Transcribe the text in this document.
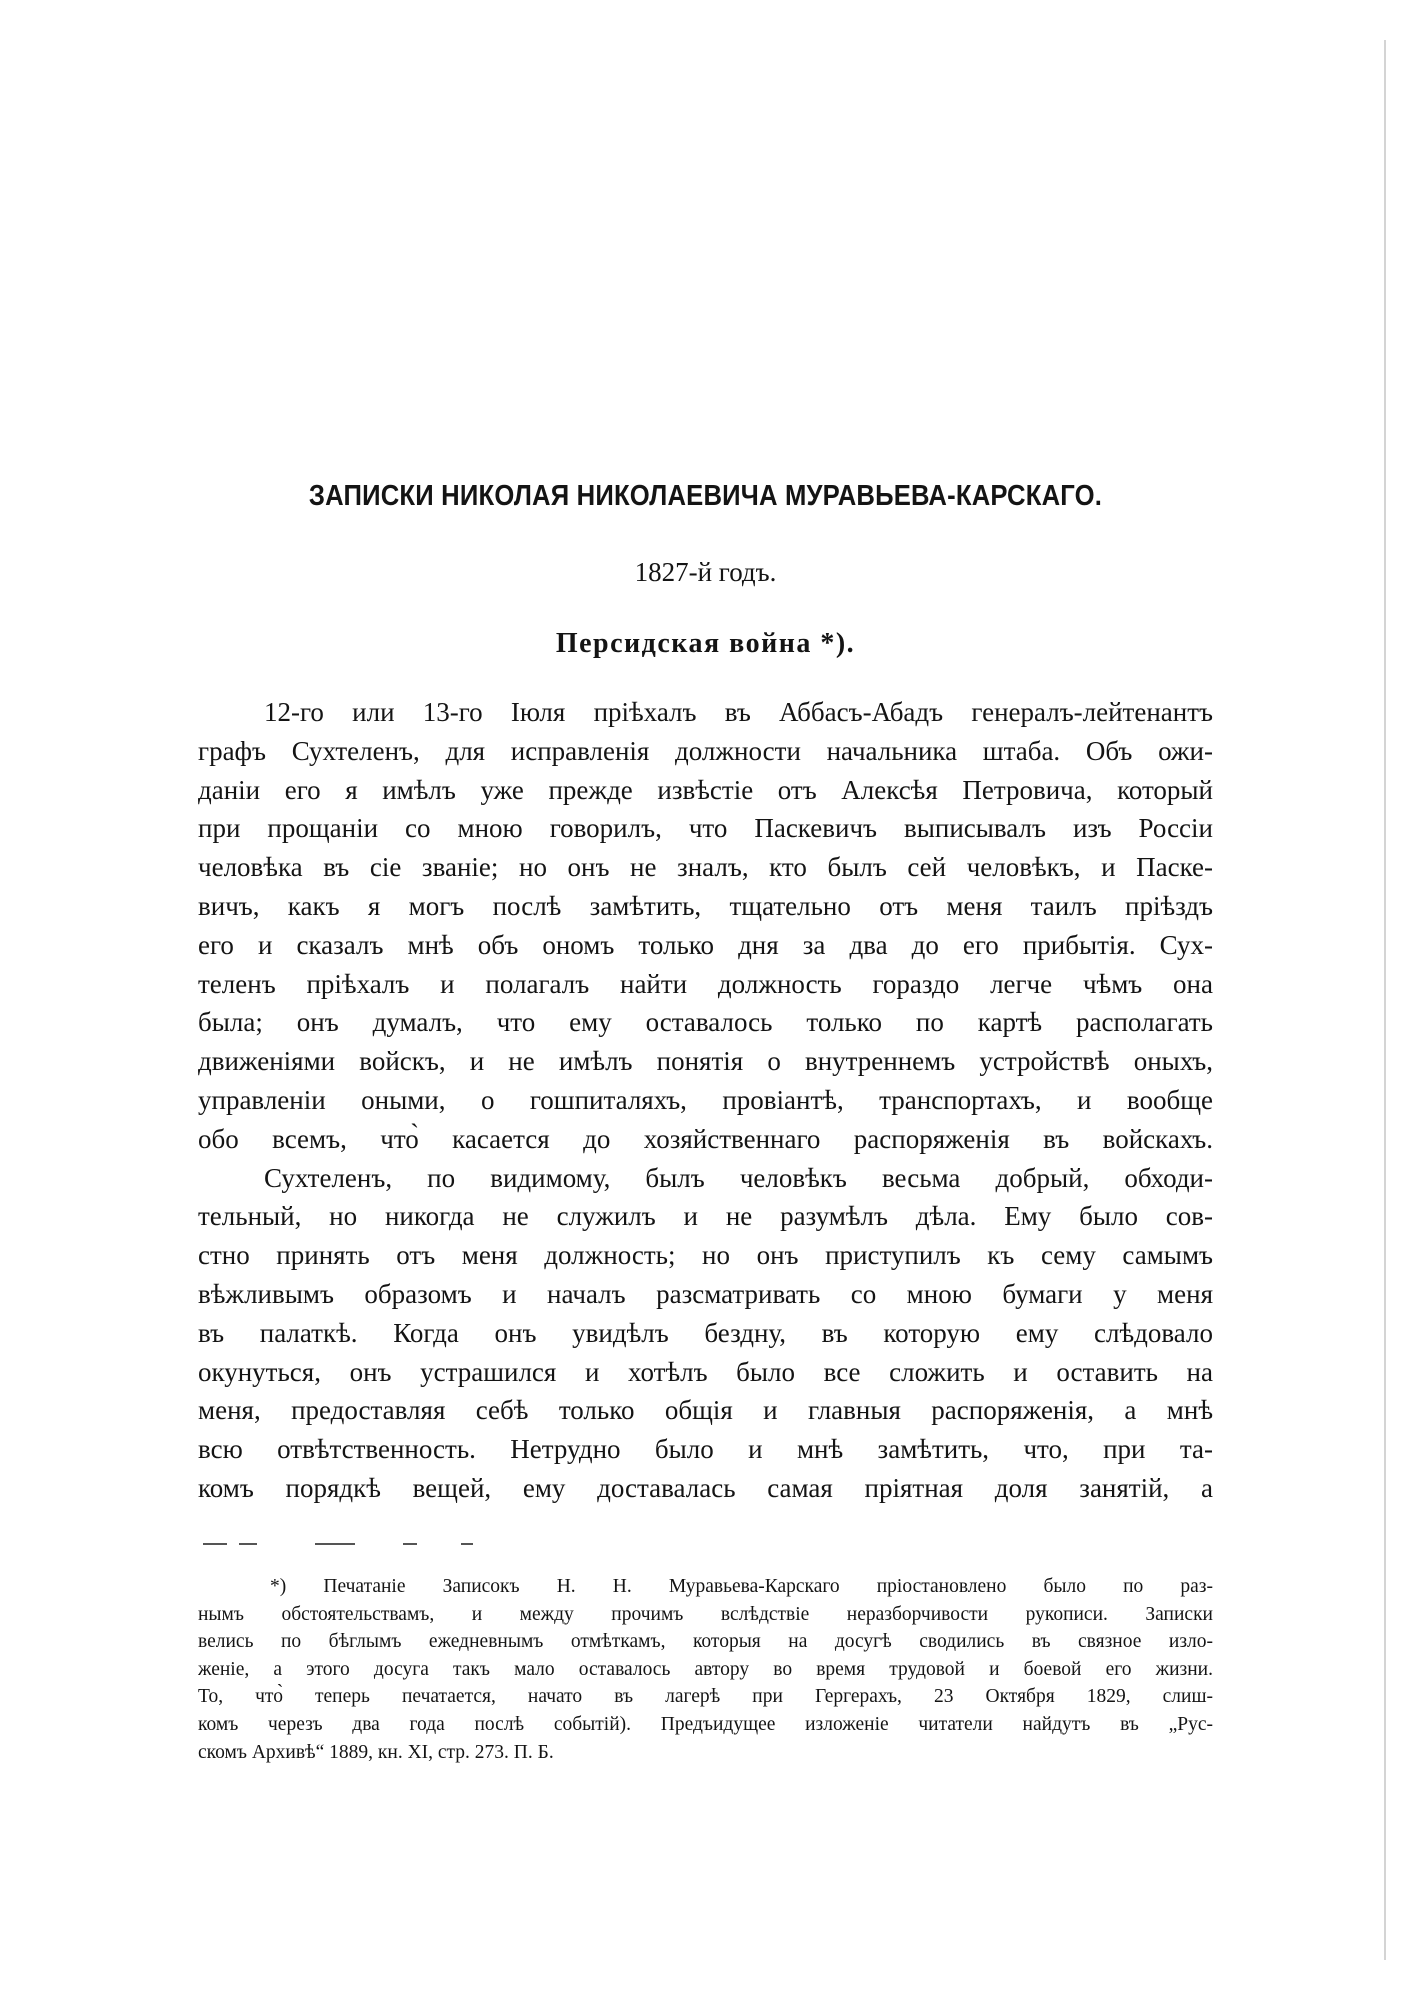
ЗАПИСКИ НИКОЛАЯ НИКОЛАЕВИЧА МУРАВЬЕВА-КАРСКАГО.
1827-й годъ.
Персидская война *).
12-го или 13-го Iюля прiѣхалъ въ Аббасъ-Абадъ генералъ-лейтенантъ
графъ Сухтеленъ, для исправленiя должности начальника штаба. Объ ожи-
данiи его я имѣлъ уже прежде извѣстiе отъ Алексѣя Петровича, который
при прощанiи со мною говорилъ, что Паскевичъ выписывалъ изъ Россiи
человѣка въ сiе званiе; но онъ не зналъ, кто былъ сей человѣкъ, и Паске-
вичъ, какъ я могъ послѣ замѣтить, тщательно отъ меня таилъ прiѣздъ
его и сказалъ мнѣ объ ономъ только дня за два до его прибытiя. Сух-
теленъ прiѣхалъ и полагалъ найти должность гораздо легче чѣмъ она
была; онъ думалъ, что ему оставалось только по картѣ располагать
движенiями войскъ, и не имѣлъ понятiя о внутреннемъ устройствѣ оныхъ,
управленiи оными, о гошпиталяхъ, провiантѣ, транспортахъ, и вообще
обо всемъ, что̀ касается до хозяйственнаго распоряженiя въ войскахъ.
Сухтеленъ, по видимому, былъ человѣкъ весьма добрый, обходи-
тельный, но никогда не служилъ и не разумѣлъ дѣла. Ему было сов-
стно принять отъ меня должность; но онъ приступилъ къ сему самымъ
вѣжливымъ образомъ и началъ разсматривать со мною бумаги у меня
въ палаткѣ. Когда онъ увидѣлъ бездну, въ которую ему слѣдовало
окунуться, онъ устрашился и хотѣлъ было все сложить и оставить на
меня, предоставляя себѣ только общiя и главныя распоряженiя, а мнѣ
всю отвѣтственность. Нетрудно было и мнѣ замѣтить, что, при та-
комъ порядкѣ вещей, ему доставалась самая прiятная доля занятiй, а
*) Печатанiе Записокъ Н. Н. Муравьева-Карскаго прiостановлено было по раз-
нымъ обстоятельствамъ, и между прочимъ вслѣдствiе неразборчивости рукописи. Записки
велись по бѣглымъ ежедневнымъ отмѣткамъ, которыя на досугѣ сводились въ связное изло-
женiе, а этого досуга такъ мало оставалось автору во время трудовой и боевой его жизни.
То, что̀ теперь печатается, начато въ лагерѣ при Гергерахъ, 23 Октября 1829, слиш-
комъ черезъ два года послѣ событiй). Предъидущее изложенiе читатели найдутъ въ „Рус-
скомъ Архивѣ“ 1889, кн. XI, стр. 273. П. Б.
